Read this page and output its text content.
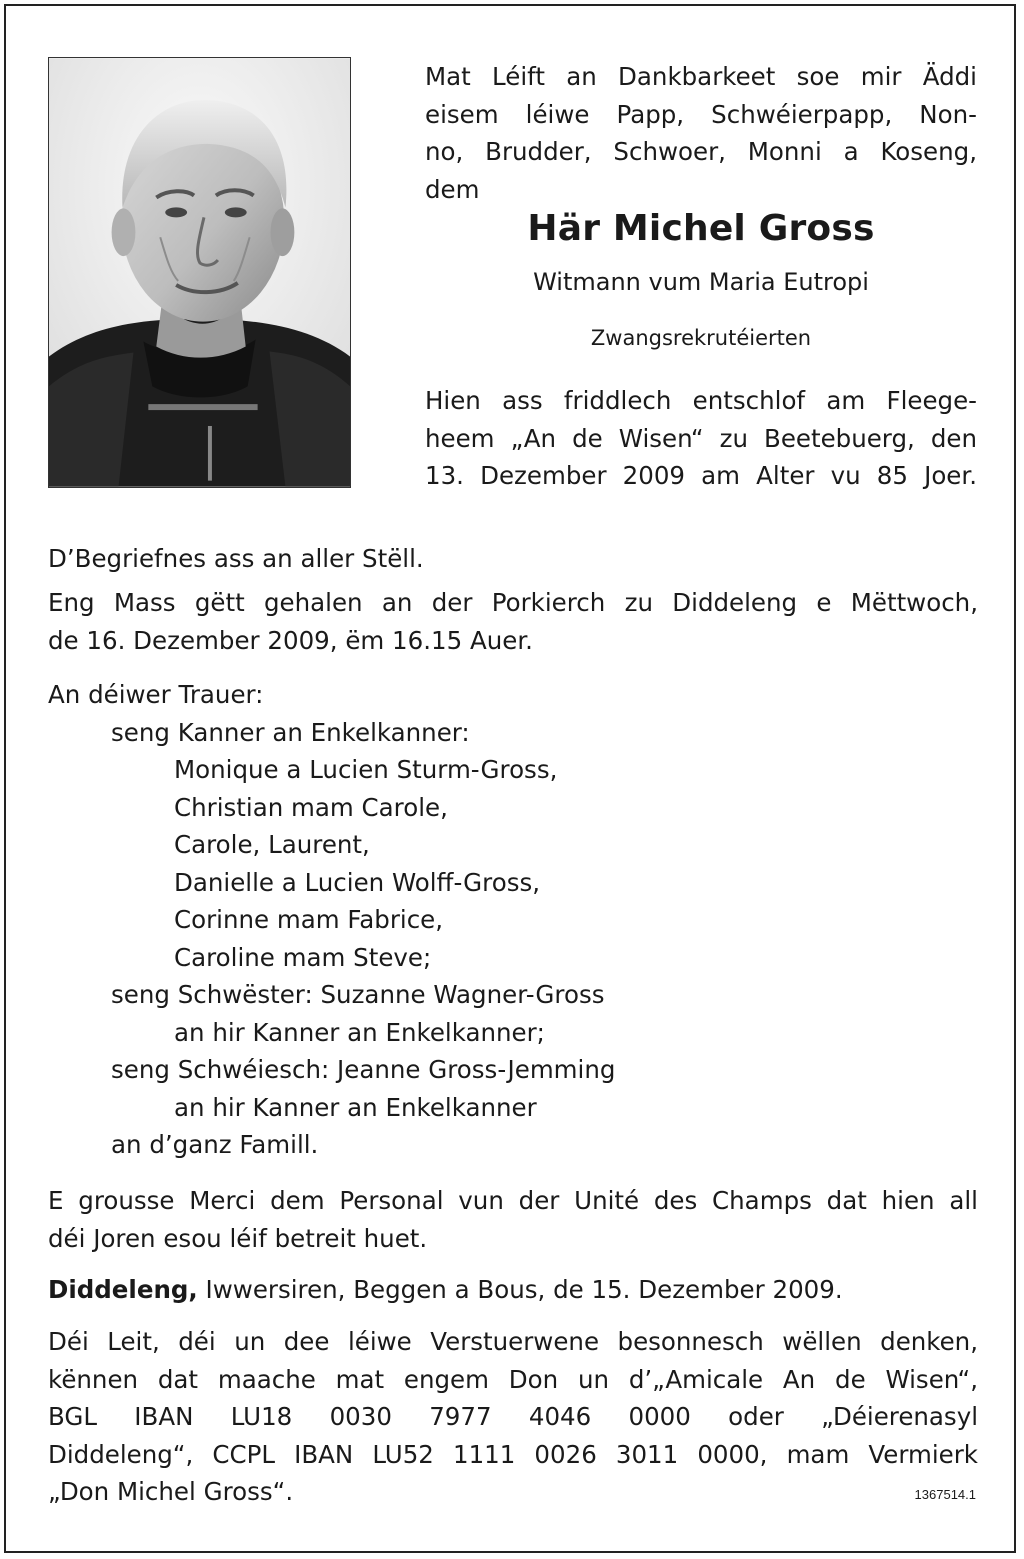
Mat Léift an Dankbarkeet soe mir Äddi
eisem léiwe Papp, Schwéierpapp, Non-
no, Brudder, Schwoer, Monni a Koseng,
dem
Här Michel Gross

Witmann vum Maria Eutropi

Zwangsrekrutéierten

Hien ass friddlech entschlof am Fleege-
heem „An de Wisen“ zu Beetebuerg, den
13. Dezember 2009 am Alter vu 85 Joer.
D’Begriefnes ass an aller Stëll.
Eng Mass gëtt gehalen an der Porkierch zu Diddeleng e Mëttwoch,
de 16. Dezember 2009, ëm 16.15 Auer.
An déiwer Trauer:
seng Kanner an Enkelkanner:
Monique a Lucien Sturm-Gross,
Christian mam Carole,
Carole, Laurent,
Danielle a Lucien Wolff-Gross,
Corinne mam Fabrice,
Caroline mam Steve;
seng Schwëster: Suzanne Wagner-Gross
an hir Kanner an Enkelkanner;
seng Schwéiesch: Jeanne Gross-Jemming
an hir Kanner an Enkelkanner
an d’ganz Famill.
E grousse Merci dem Personal vun der Unité des Champs dat hien all
déi Joren esou léif betreit huet.
Diddeleng, Iwwersiren, Beggen a Bous, de 15. Dezember 2009.
Déi Leit, déi un dee léiwe Verstuerwene besonnesch wëllen denken,
kënnen dat maache mat engem Don un d’„Amicale An de Wisen“,
BGL IBAN LU18 0030 7977 4046 0000 oder „Déierenasyl
Diddeleng“, CCPL IBAN LU52 1111 0026 3011 0000, mam Vermierk
„Don Michel Gross“.	1367514.1
